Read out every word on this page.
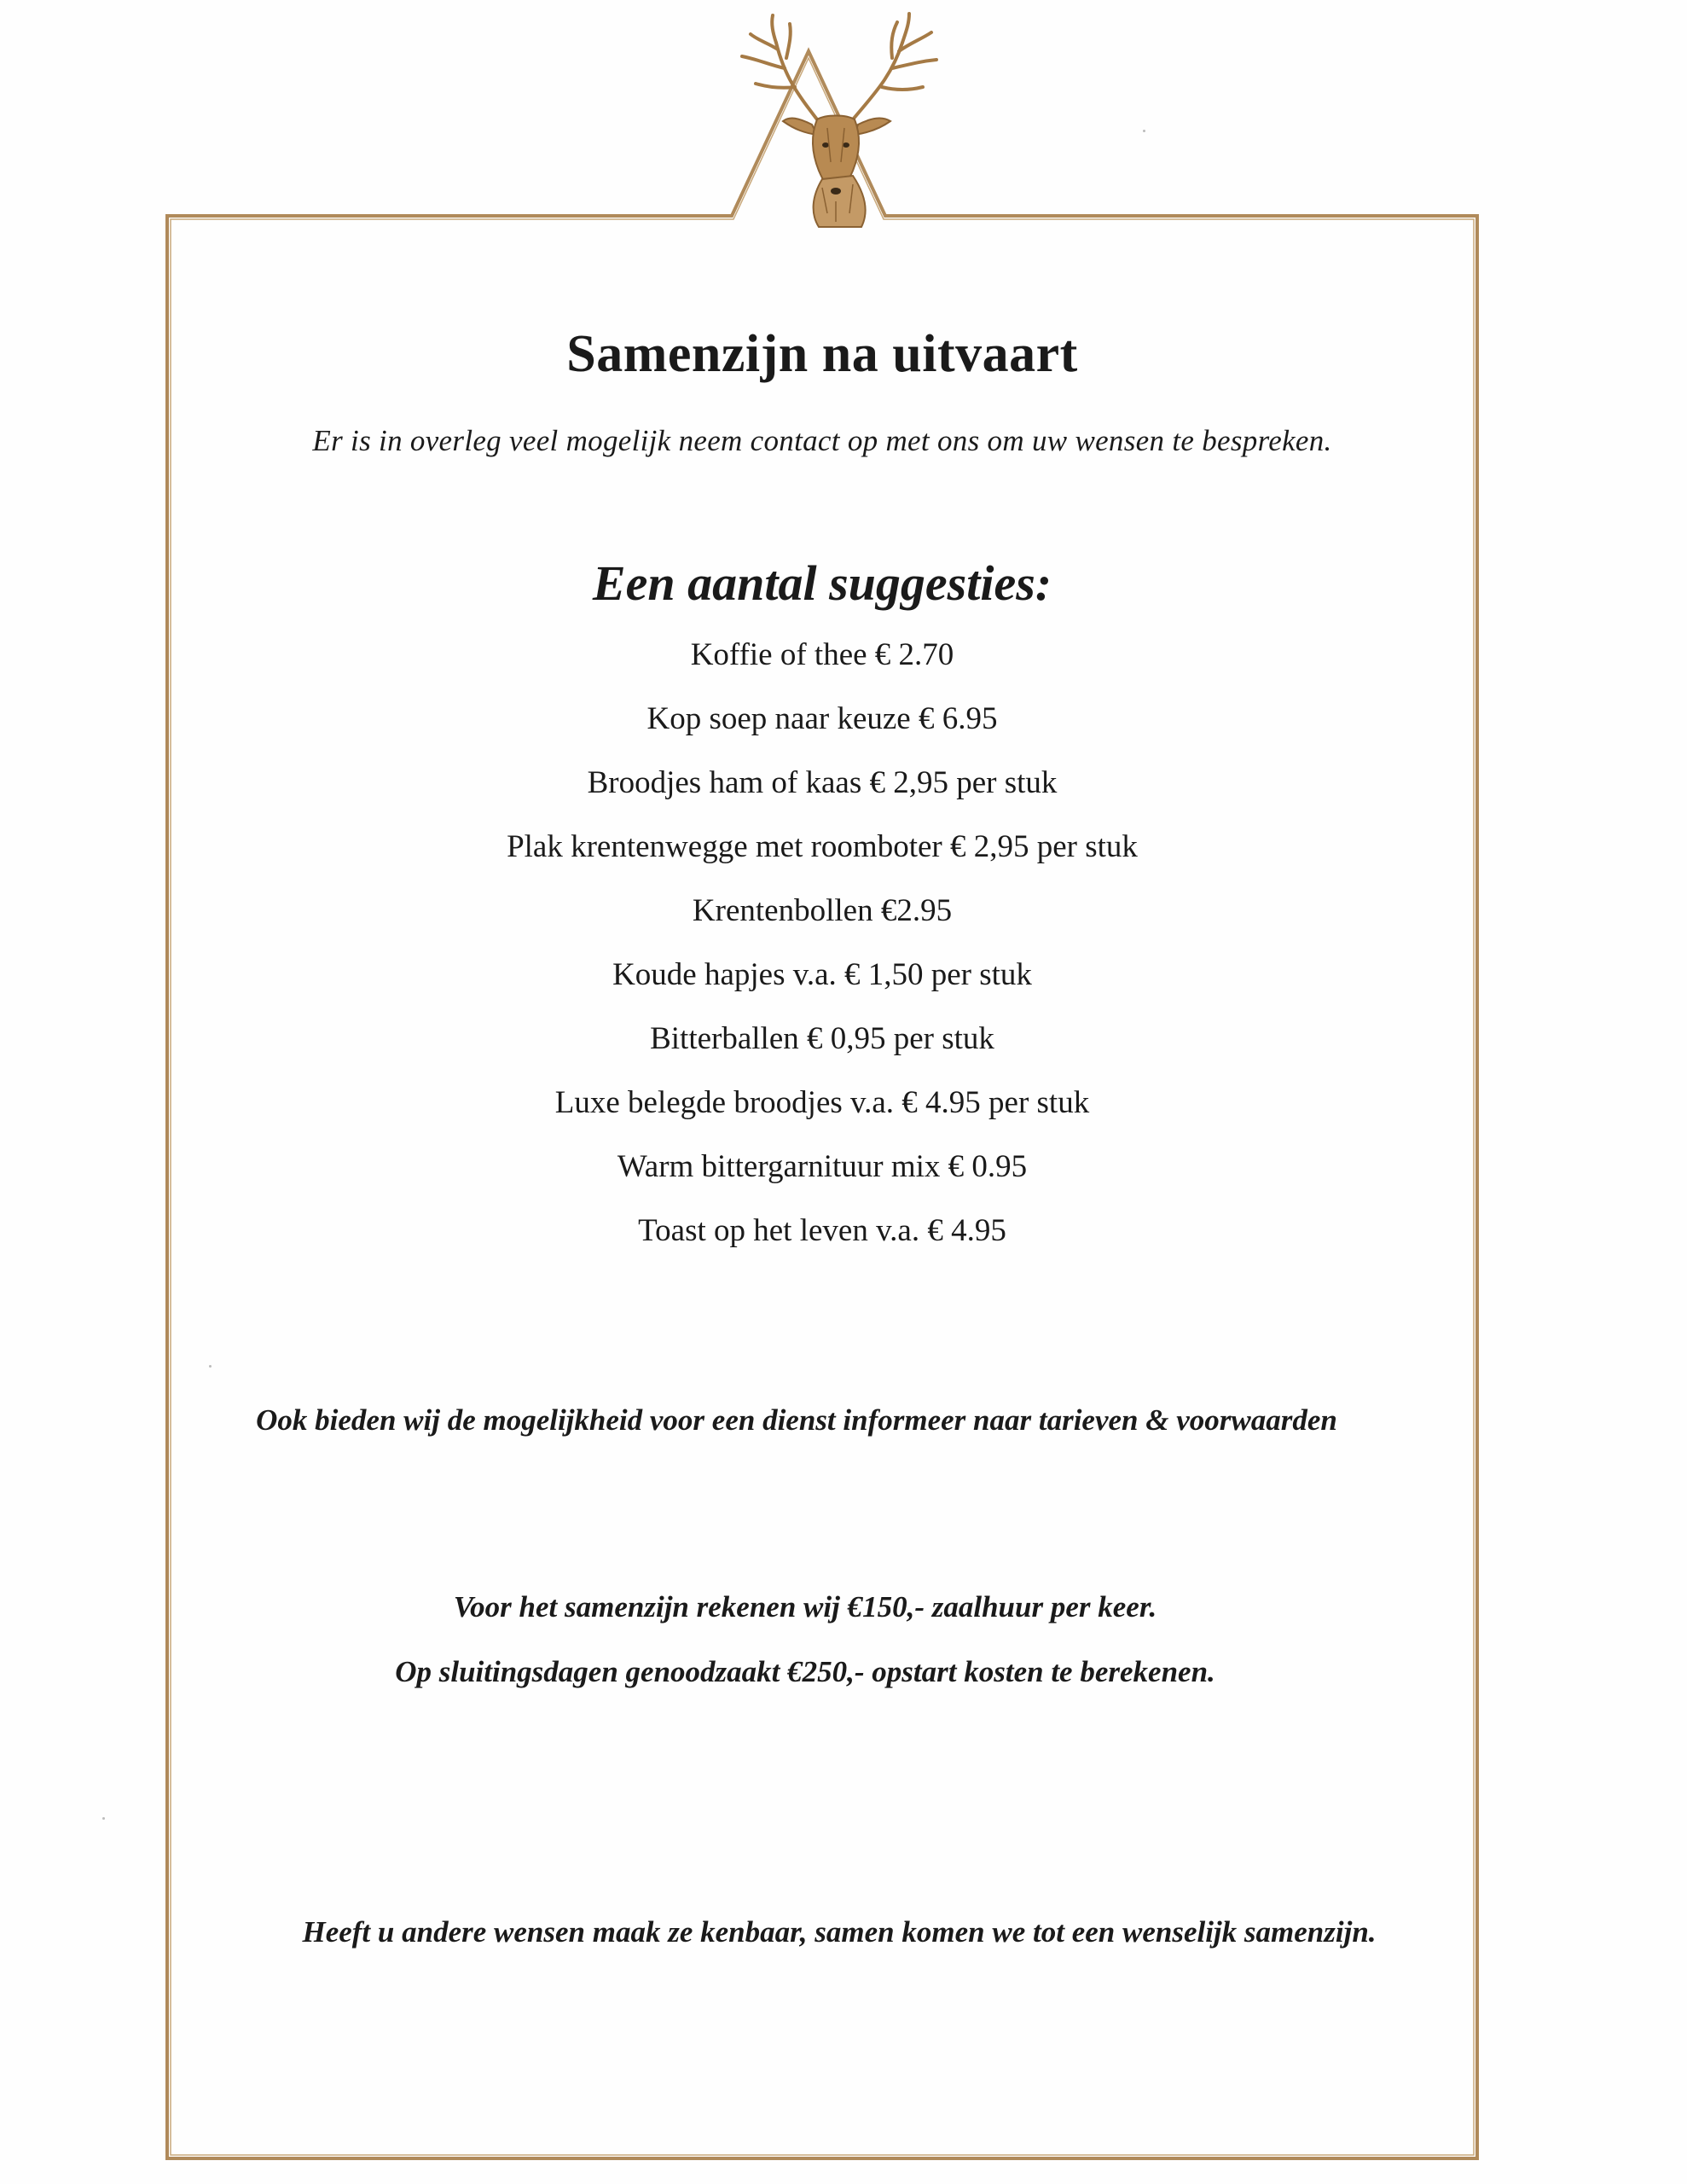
Samenzijn na uitvaart
Er is in overleg veel mogelijk neem contact op met ons om uw wensen te bespreken.
Een aantal suggesties:
Koffie of thee € 2.70
Kop soep naar keuze € 6.95
Broodjes ham of kaas € 2,95 per stuk
Plak krentenwegge met roomboter € 2,95 per stuk
Krentenbollen €2.95
Koude hapjes v.a. € 1,50 per stuk
Bitterballen € 0,95 per stuk
Luxe belegde broodjes v.a. € 4.95 per stuk
Warm bittergarnituur mix € 0.95
Toast op het leven v.a. € 4.95
Ook bieden wij de mogelijkheid voor een dienst informeer naar tarieven & voorwaarden
Voor het samenzijn rekenen wij €150,- zaalhuur per keer.
Op sluitingsdagen genoodzaakt €250,- opstart kosten te berekenen.
Heeft u andere wensen maak ze kenbaar, samen komen we tot een wenselijk samenzijn.
